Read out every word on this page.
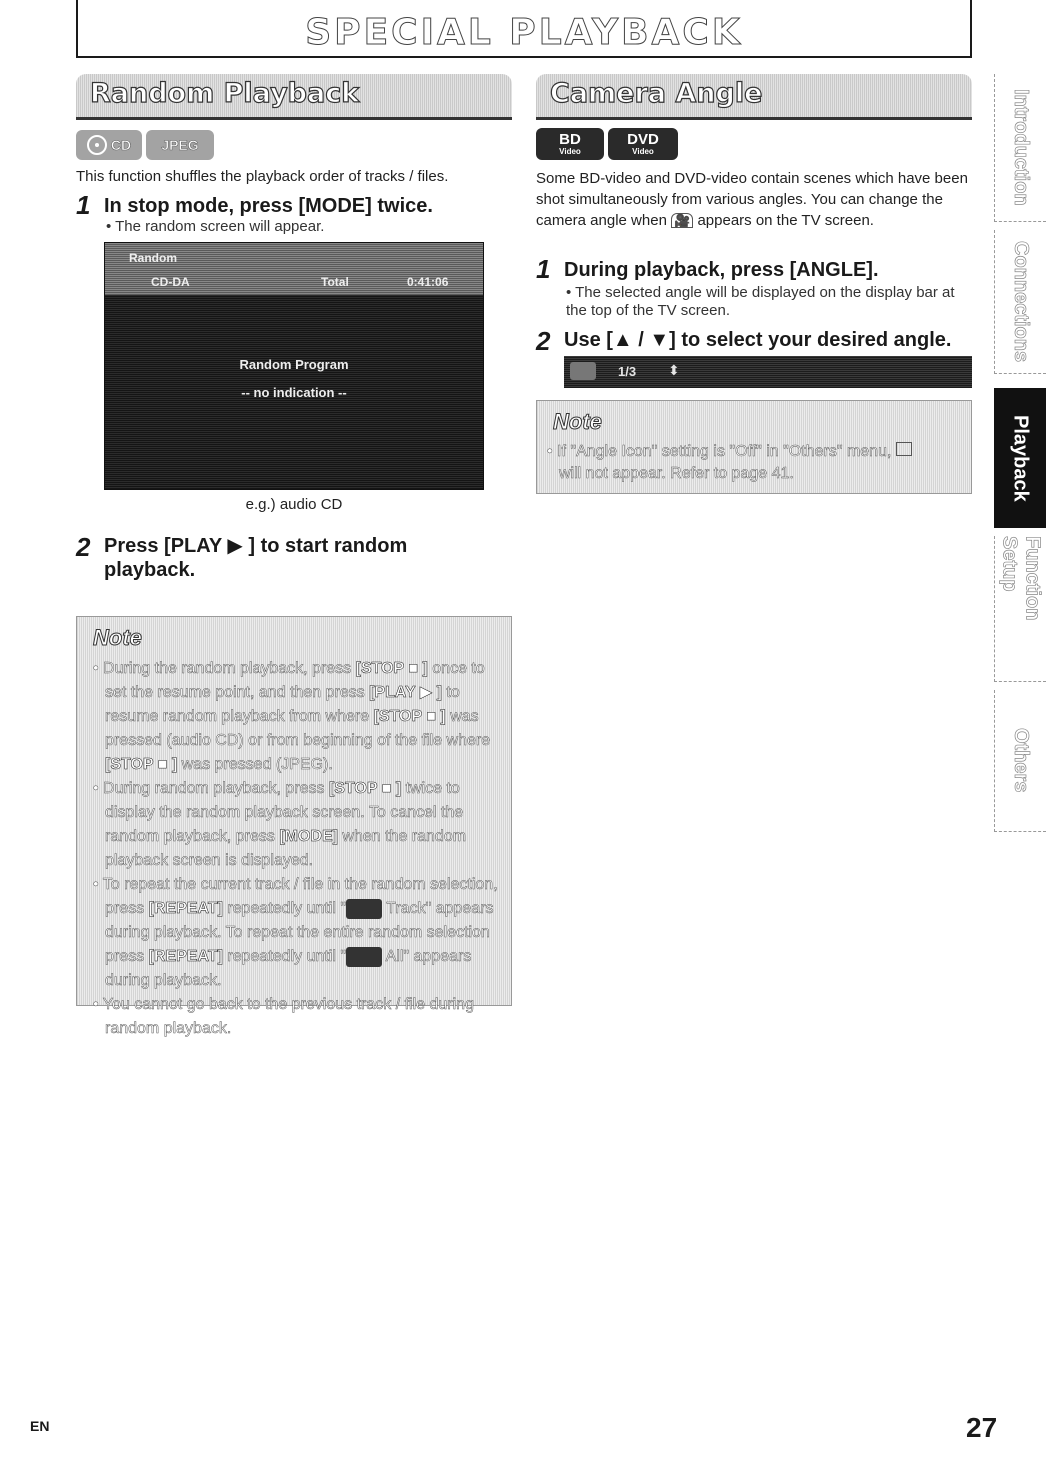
SPECIAL PLAYBACK
Random Playback
CD JPEG
This function shuffles the playback order of tracks / files.
1 In stop mode, press [MODE] twice.
• The random screen will appear.
Random
CD-DA	Total	0:41:06
Random Program
-- no indication --
e.g.) audio CD
2 Press [PLAY ▶ ] to start random
playback.
Note
• During the random playback, press [STOP ■ ] once to set the resume point, and then press [PLAY ▶ ] to resume random playback from where [STOP ■ ] was pressed (audio CD) or from beginning of the file where [STOP ■ ] was pressed (JPEG).
• During random playback, press [STOP ■ ] twice to display the random playback screen. To cancel the random playback, press [MODE] when the random playback screen is displayed.
• To repeat the current track / file in the random selection, press [REPEAT] repeatedly until " Track" appears during playback. To repeat the entire random selection press [REPEAT] repeatedly until " All" appears during playback.
• You cannot go back to the previous track / file during random playback.
Camera Angle
BD
Video
DVD
Video
Some BD-video and DVD-video contain scenes which have been shot simultaneously from various angles. You can change the camera angle when 🎥 appears on the TV screen.
1 During playback, press [ANGLE].
• The selected angle will be displayed on the display bar at the top of the TV screen.
2 Use [▲ / ▼] to select your desired angle.
1/3 ⬍
Note
• If "Angle Icon" setting is "Off" in "Others" menu,
will not appear. Refer to page 41.
Introduction
Connections
Playback
Function Setup
Others
EN	27
